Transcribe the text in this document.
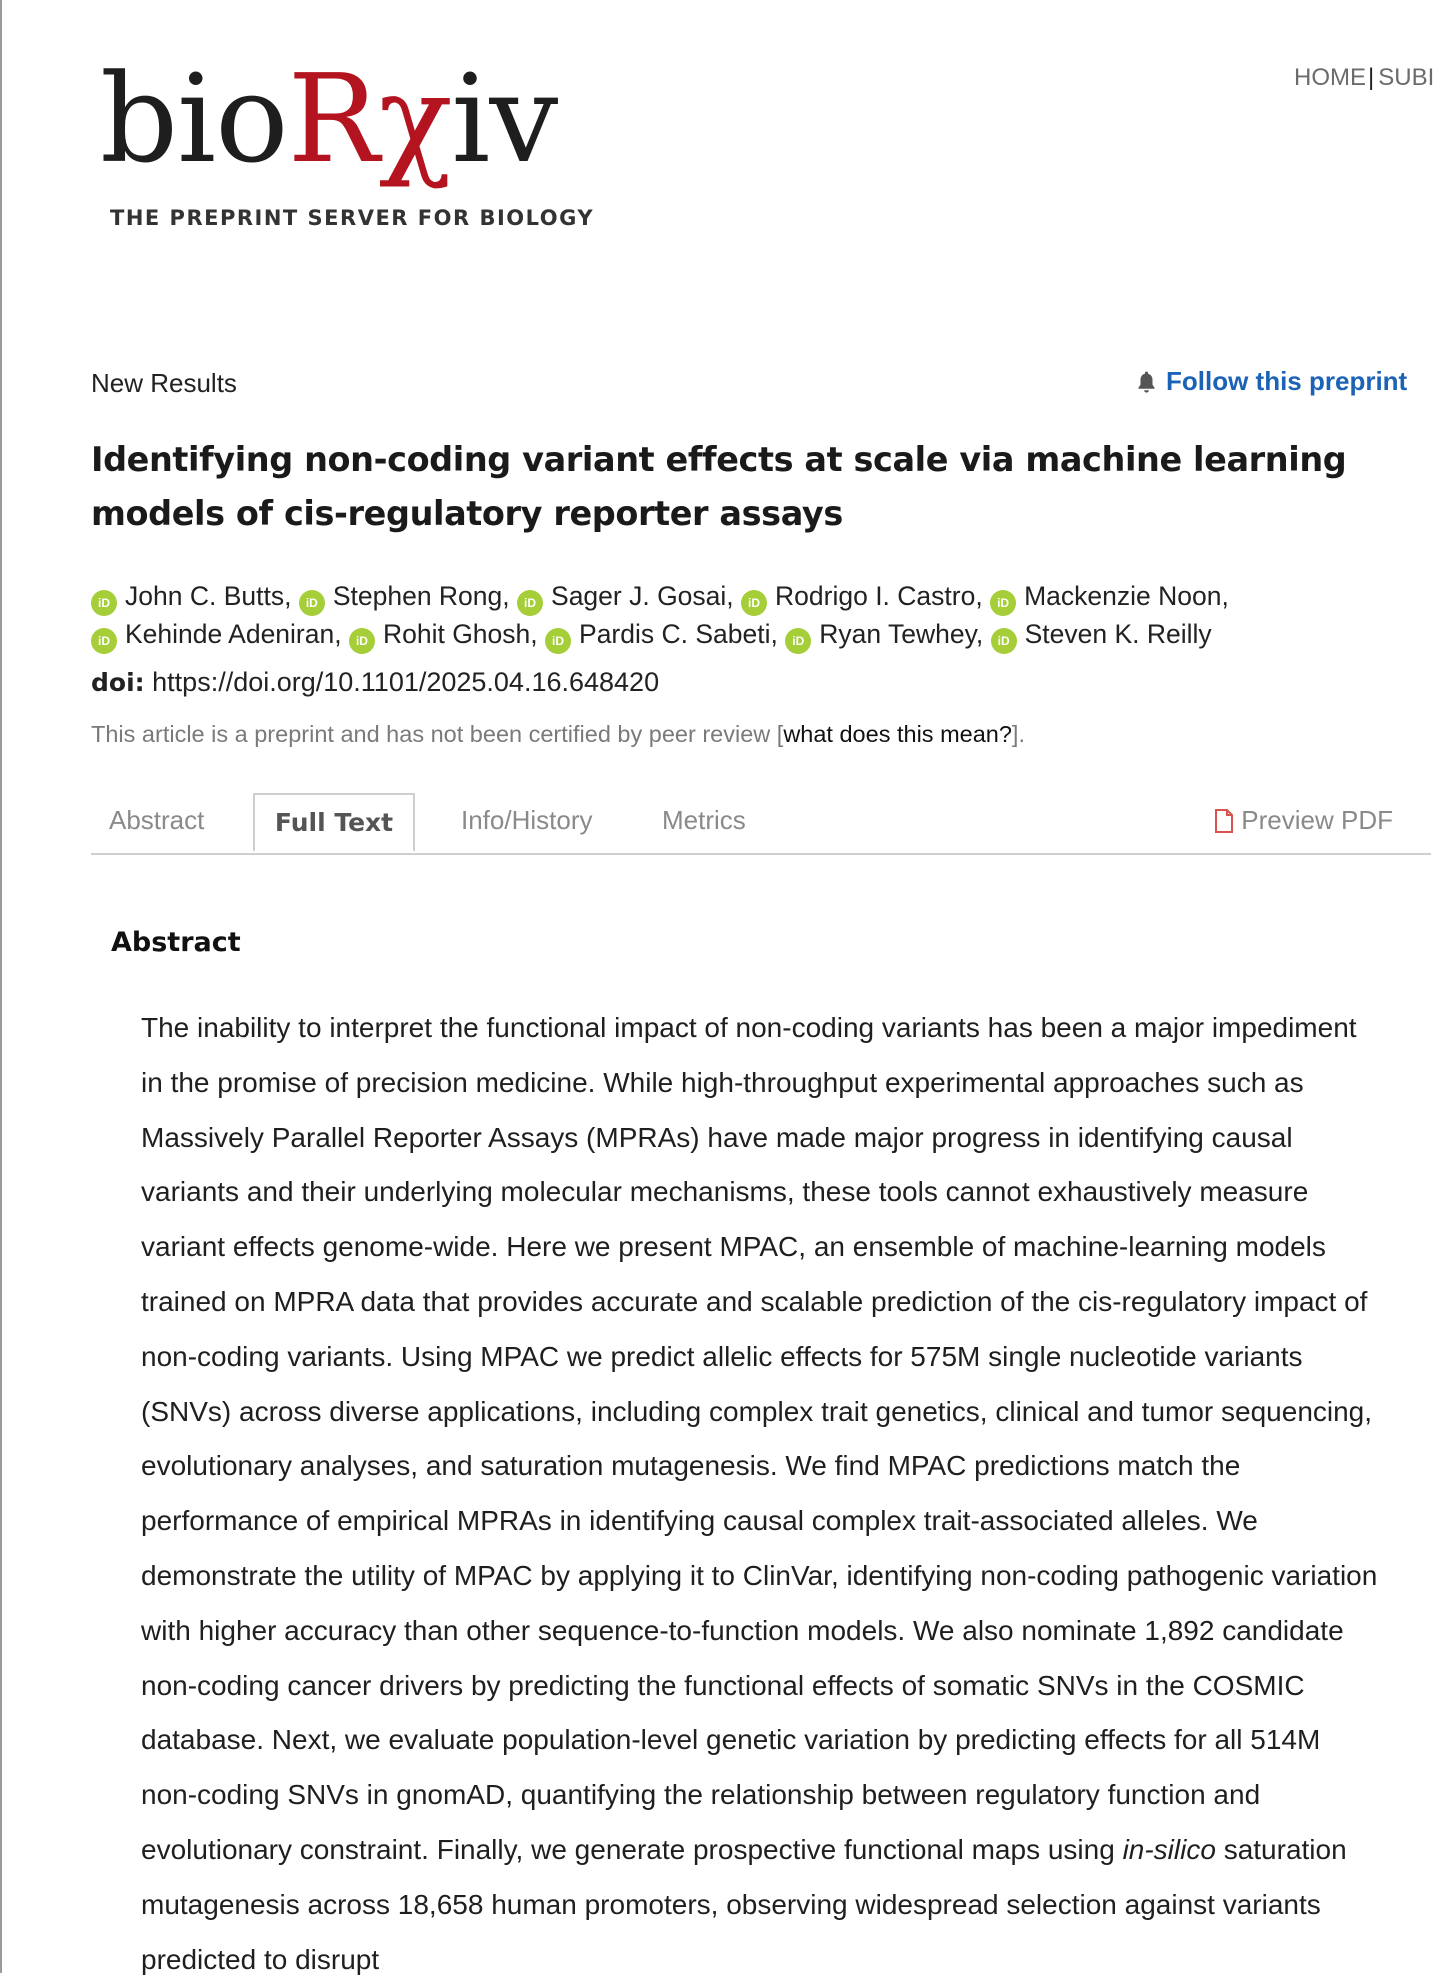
bioRχiv
THE PREPRINT SERVER FOR BIOLOGY
HOME| SUBI
New Results	Follow this preprint
Identifying non-coding variant effects at scale via machine learning models of cis-regulatory reporter assays
iD John C. Butts, iD Stephen Rong, iD Sager J. Gosai, iD Rodrigo I. Castro, iD Mackenzie Noon,
iD Kehinde Adeniran, iD Rohit Ghosh, iD Pardis C. Sabeti, iD Ryan Tewhey, iD Steven K. Reilly
doi: https://doi.org/10.1101/2025.04.16.648420
This article is a preprint and has not been certified by peer review [what does this mean?].
Abstract	Full Text	Info/History	Metrics	Preview PDF
Abstract

The inability to interpret the functional impact of non-coding variants has been a major impediment in the promise of precision medicine. While high-throughput experimental approaches such as Massively Parallel Reporter Assays (MPRAs) have made major progress in identifying causal variants and their underlying molecular mechanisms, these tools cannot exhaustively measure variant effects genome-wide. Here we present MPAC, an ensemble of machine-learning models trained on MPRA data that provides accurate and scalable prediction of the cis-regulatory impact of non-coding variants. Using MPAC we predict allelic effects for 575M single nucleotide variants (SNVs) across diverse applications, including complex trait genetics, clinical and tumor sequencing, evolutionary analyses, and saturation mutagenesis. We find MPAC predictions match the performance of empirical MPRAs in identifying causal complex trait-associated alleles. We demonstrate the utility of MPAC by applying it to ClinVar, identifying non-coding pathogenic variation with higher accuracy than other sequence-to-function models. We also nominate 1,892 candidate non-coding cancer drivers by predicting the functional effects of somatic SNVs in the COSMIC database. Next, we evaluate population-level genetic variation by predicting effects for all 514M non-coding SNVs in gnomAD, quantifying the relationship between regulatory function and evolutionary constraint. Finally, we generate prospective functional maps using in-silico saturation mutagenesis across 18,658 human promoters, observing widespread selection against variants predicted to disrupt
